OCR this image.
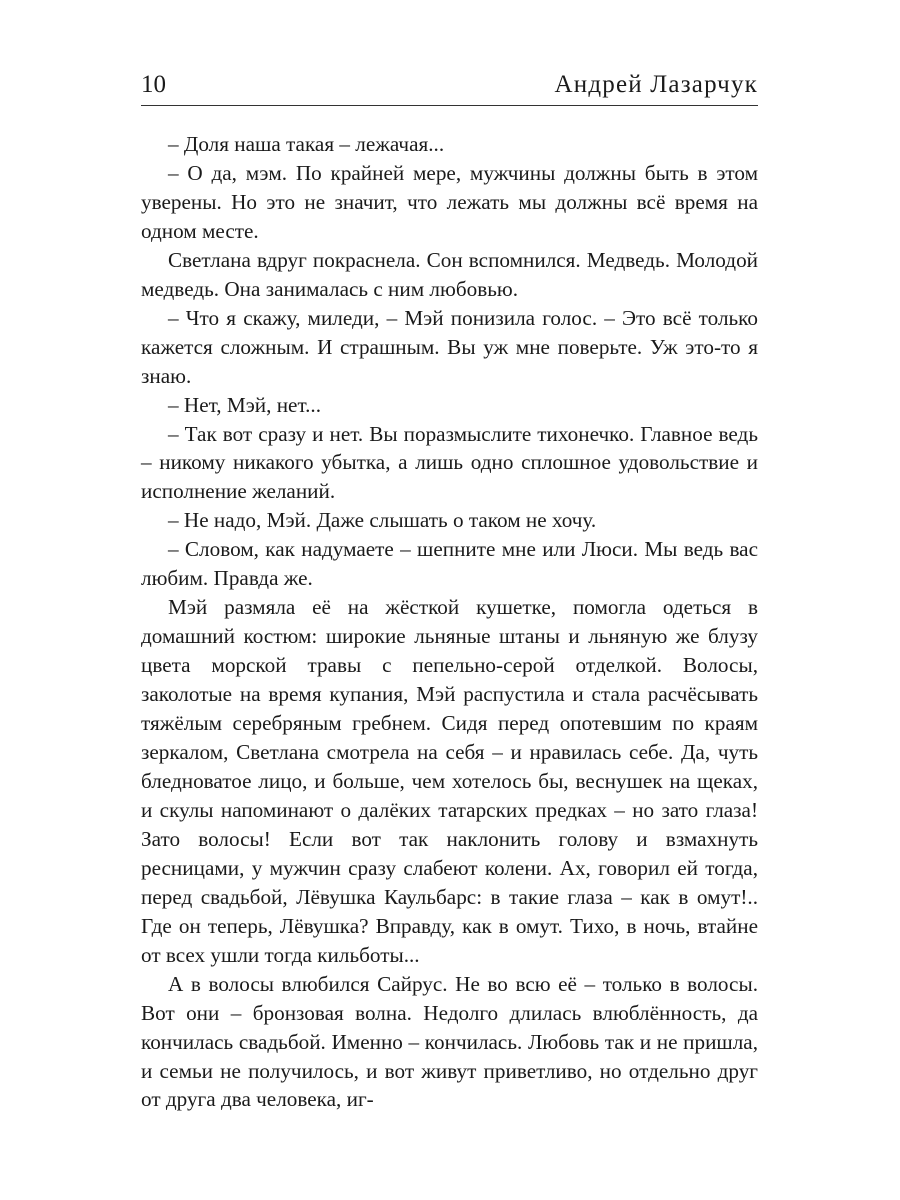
10	Андрей Лазарчук

– Доля наша такая – лежачая...

– О да, мэм. По крайней мере, мужчины должны быть в этом уверены. Но это не значит, что лежать мы должны всё время на одном месте.

Светлана вдруг покраснела. Сон вспомнился. Медведь. Молодой медведь. Она занималась с ним любовью.

– Что я скажу, миледи, – Мэй понизила голос. – Это всё только кажется сложным. И страшным. Вы уж мне поверьте. Уж это-то я знаю.

– Нет, Мэй, нет...

– Так вот сразу и нет. Вы поразмыслите тихонечко. Главное ведь – никому никакого убытка, а лишь одно сплошное удовольствие и исполнение желаний.

– Не надо, Мэй. Даже слышать о таком не хочу.

– Словом, как надумаете – шепните мне или Люси. Мы ведь вас любим. Правда же.

Мэй размяла её на жёсткой кушетке, помогла одеться в домашний костюм: широкие льняные штаны и льняную же блузу цвета морской травы с пепельно-серой отделкой. Волосы, заколотые на время купания, Мэй распустила и стала расчёсывать тяжёлым серебряным гребнем. Сидя перед опотевшим по краям зеркалом, Светлана смотрела на себя – и нравилась себе. Да, чуть бледноватое лицо, и больше, чем хотелось бы, веснушек на щеках, и скулы напоминают о далёких татарских предках – но зато глаза! Зато волосы! Если вот так наклонить голову и взмахнуть ресницами, у мужчин сразу слабеют колени. Ах, говорил ей тогда, перед свадьбой, Лёвушка Каульбарс: в такие глаза – как в омут!.. Где он теперь, Лёвушка? Вправду, как в омут. Тихо, в ночь, втайне от всех ушли тогда кильботы...

А в волосы влюбился Сайрус. Не во всю её – только в волосы. Вот они – бронзовая волна. Недолго длилась влюблённость, да кончилась свадьбой. Именно – кончилась. Любовь так и не пришла, и семьи не получилось, и вот живут приветливо, но отдельно друг от друга два человека, иг-
